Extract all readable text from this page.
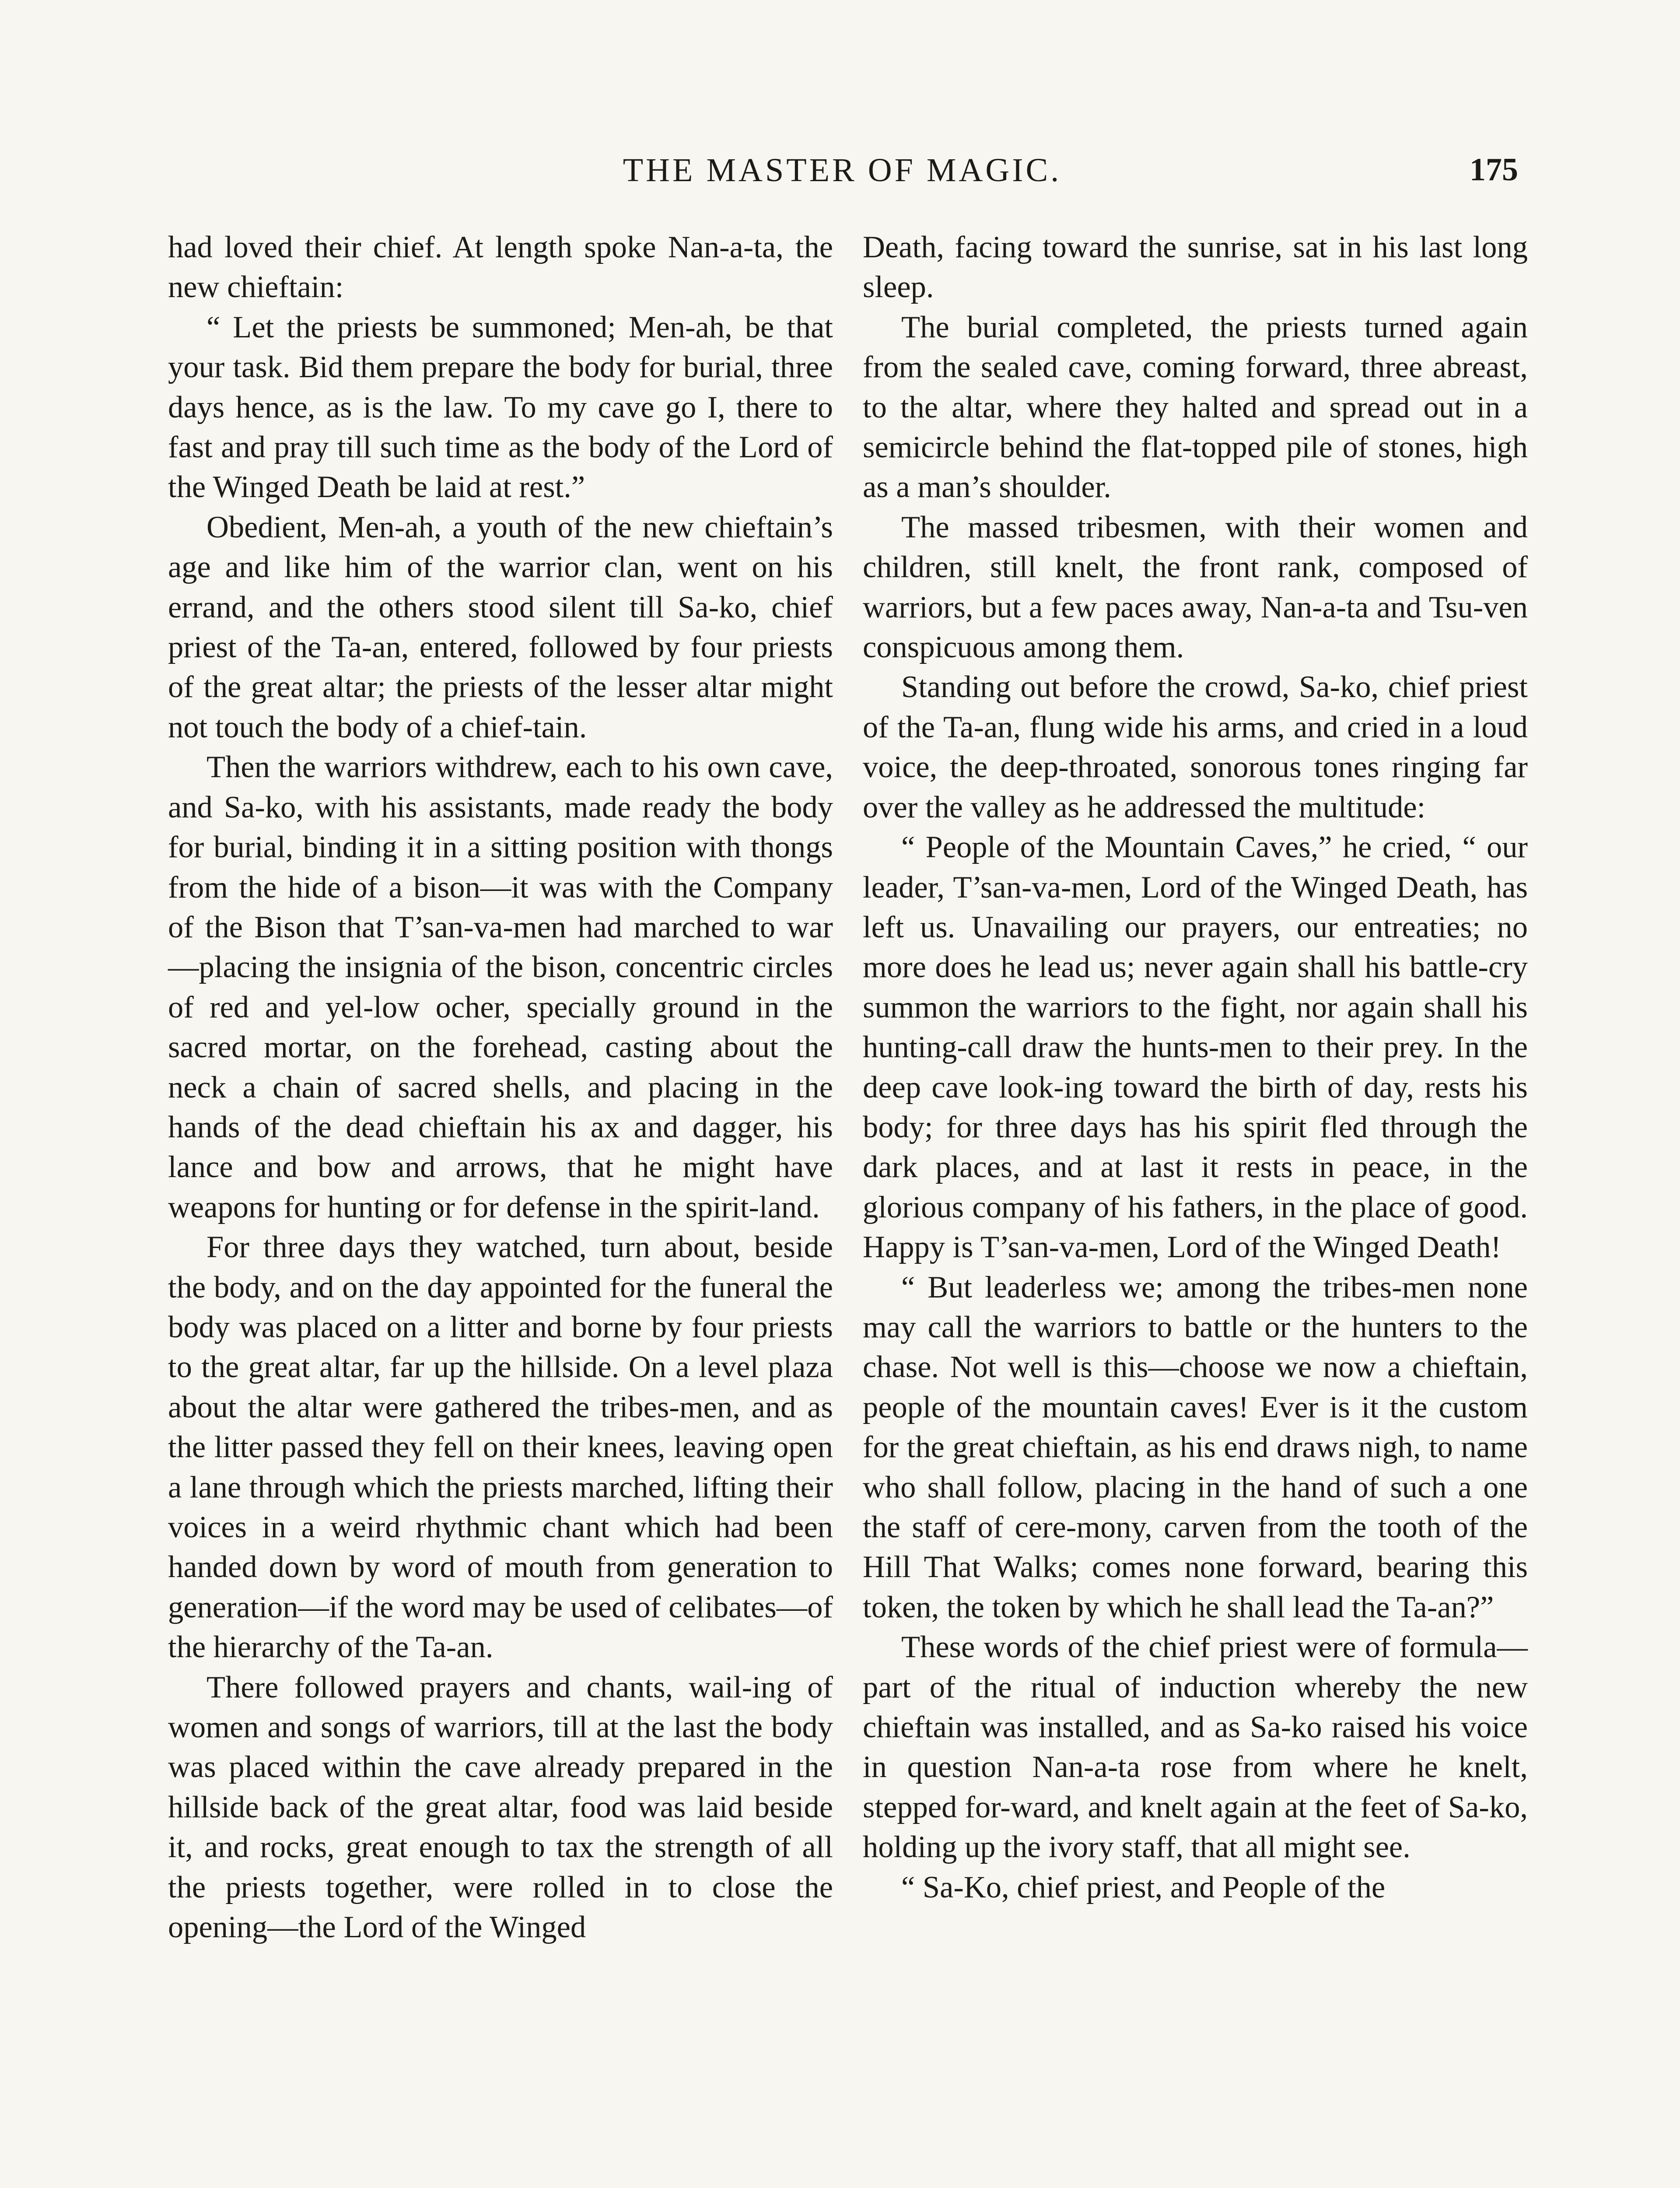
THE MASTER OF MAGIC.	175

had loved their chief. At length spoke Nan-a-ta, the new chieftain:

“ Let the priests be summoned; Men-ah, be that your task. Bid them prepare the body for burial, three days hence, as is the law. To my cave go I, there to fast and pray till such time as the body of the Lord of the Winged Death be laid at rest.”

Obedient, Men-ah, a youth of the new chieftain’s age and like him of the warrior clan, went on his errand, and the others stood silent till Sa-ko, chief priest of the Ta-an, entered, followed by four priests of the great altar; the priests of the lesser altar might not touch the body of a chief-tain.

Then the warriors withdrew, each to his own cave, and Sa-ko, with his assistants, made ready the body for burial, binding it in a sitting position with thongs from the hide of a bison—it was with the Company of the Bison that T’san-va-men had marched to war—placing the insignia of the bison, concentric circles of red and yel-low ocher, specially ground in the sacred mortar, on the forehead, casting about the neck a chain of sacred shells, and placing in the hands of the dead chieftain his ax and dagger, his lance and bow and arrows, that he might have weapons for hunting or for defense in the spirit-land.

For three days they watched, turn about, beside the body, and on the day appointed for the funeral the body was placed on a litter and borne by four priests to the great altar, far up the hillside. On a level plaza about the altar were gathered the tribes-men, and as the litter passed they fell on their knees, leaving open a lane through which the priests marched, lifting their voices in a weird rhythmic chant which had been handed down by word of mouth from generation to generation—if the word may be used of celibates—of the hierarchy of the Ta-an.

There followed prayers and chants, wail-ing of women and songs of warriors, till at the last the body was placed within the cave already prepared in the hillside back of the great altar, food was laid beside it, and rocks, great enough to tax the strength of all the priests together, were rolled in to close the opening—the Lord of the Winged

Death, facing toward the sunrise, sat in his last long sleep.

The burial completed, the priests turned again from the sealed cave, coming forward, three abreast, to the altar, where they halted and spread out in a semicircle behind the flat-topped pile of stones, high as a man’s shoulder.

The massed tribesmen, with their women and children, still knelt, the front rank, composed of warriors, but a few paces away, Nan-a-ta and Tsu-ven conspicuous among them.

Standing out before the crowd, Sa-ko, chief priest of the Ta-an, flung wide his arms, and cried in a loud voice, the deep-throated, sonorous tones ringing far over the valley as he addressed the multitude:

“ People of the Mountain Caves,” he cried, “ our leader, T’san-va-men, Lord of the Winged Death, has left us. Unavailing our prayers, our entreaties; no more does he lead us; never again shall his battle-cry summon the warriors to the fight, nor again shall his hunting-call draw the hunts-men to their prey. In the deep cave look-ing toward the birth of day, rests his body; for three days has his spirit fled through the dark places, and at last it rests in peace, in the glorious company of his fathers, in the place of good. Happy is T’san-va-men, Lord of the Winged Death!

“ But leaderless we; among the tribes-men none may call the warriors to battle or the hunters to the chase. Not well is this—choose we now a chieftain, people of the mountain caves! Ever is it the custom for the great chieftain, as his end draws nigh, to name who shall follow, placing in the hand of such a one the staff of cere-mony, carven from the tooth of the Hill That Walks; comes none forward, bearing this token, the token by which he shall lead the Ta-an?”

These words of the chief priest were of formula—part of the ritual of induction whereby the new chieftain was installed, and as Sa-ko raised his voice in question Nan-a-ta rose from where he knelt, stepped for-ward, and knelt again at the feet of Sa-ko, holding up the ivory staff, that all might see.

“ Sa-Ko, chief priest, and People of the
